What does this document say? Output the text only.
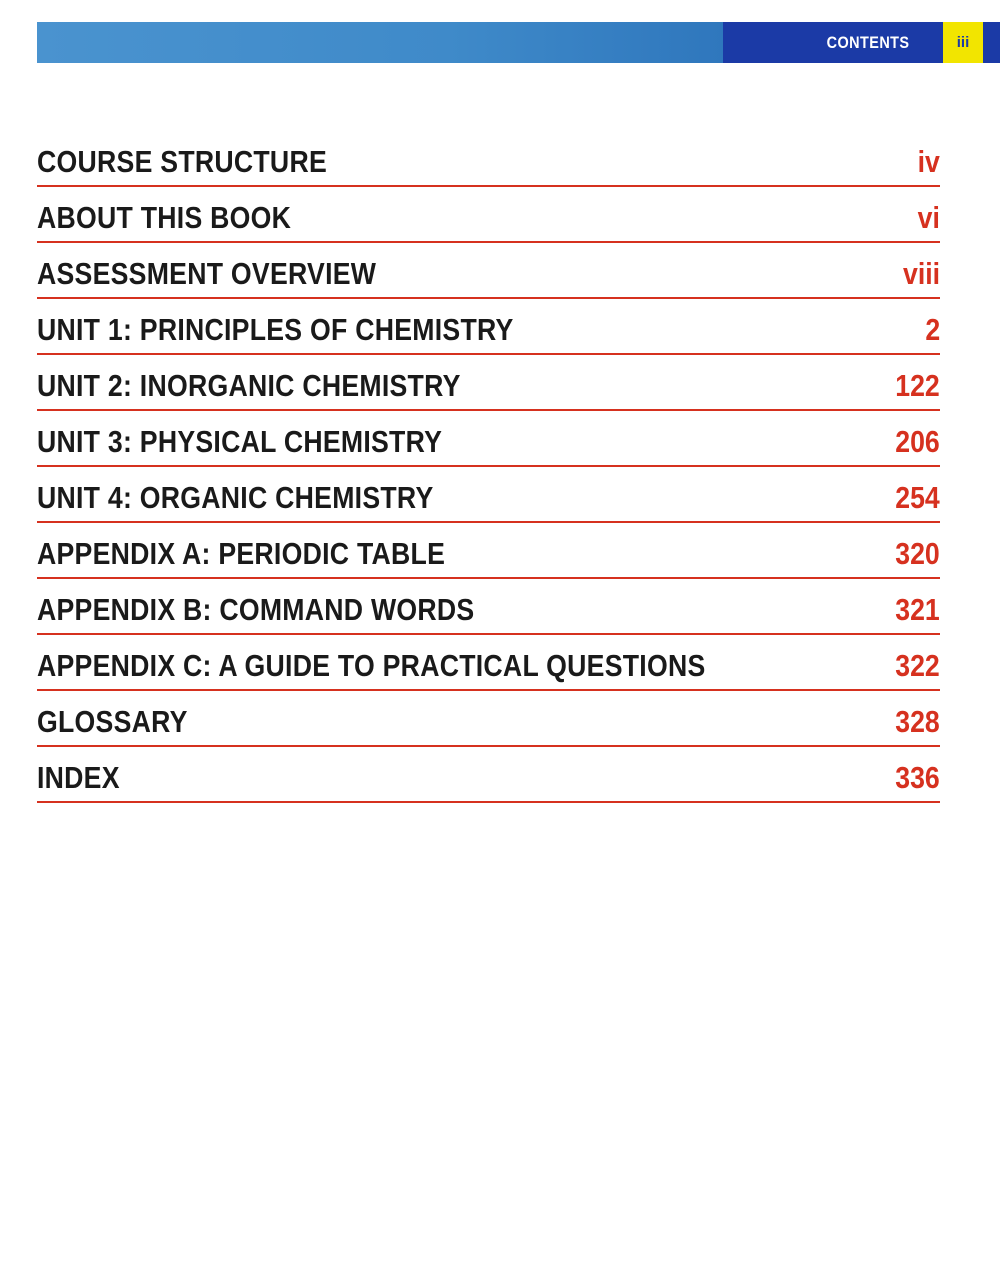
CONTENTS	iii
COURSE STRUCTURE	iv
ABOUT THIS BOOK	vi
ASSESSMENT OVERVIEW	viii
UNIT 1: PRINCIPLES OF CHEMISTRY	2
UNIT 2: INORGANIC CHEMISTRY	122
UNIT 3: PHYSICAL CHEMISTRY	206
UNIT 4: ORGANIC CHEMISTRY	254
APPENDIX A: PERIODIC TABLE	320
APPENDIX B: COMMAND WORDS	321
APPENDIX C: A GUIDE TO PRACTICAL QUESTIONS	322
GLOSSARY	328
INDEX	336
